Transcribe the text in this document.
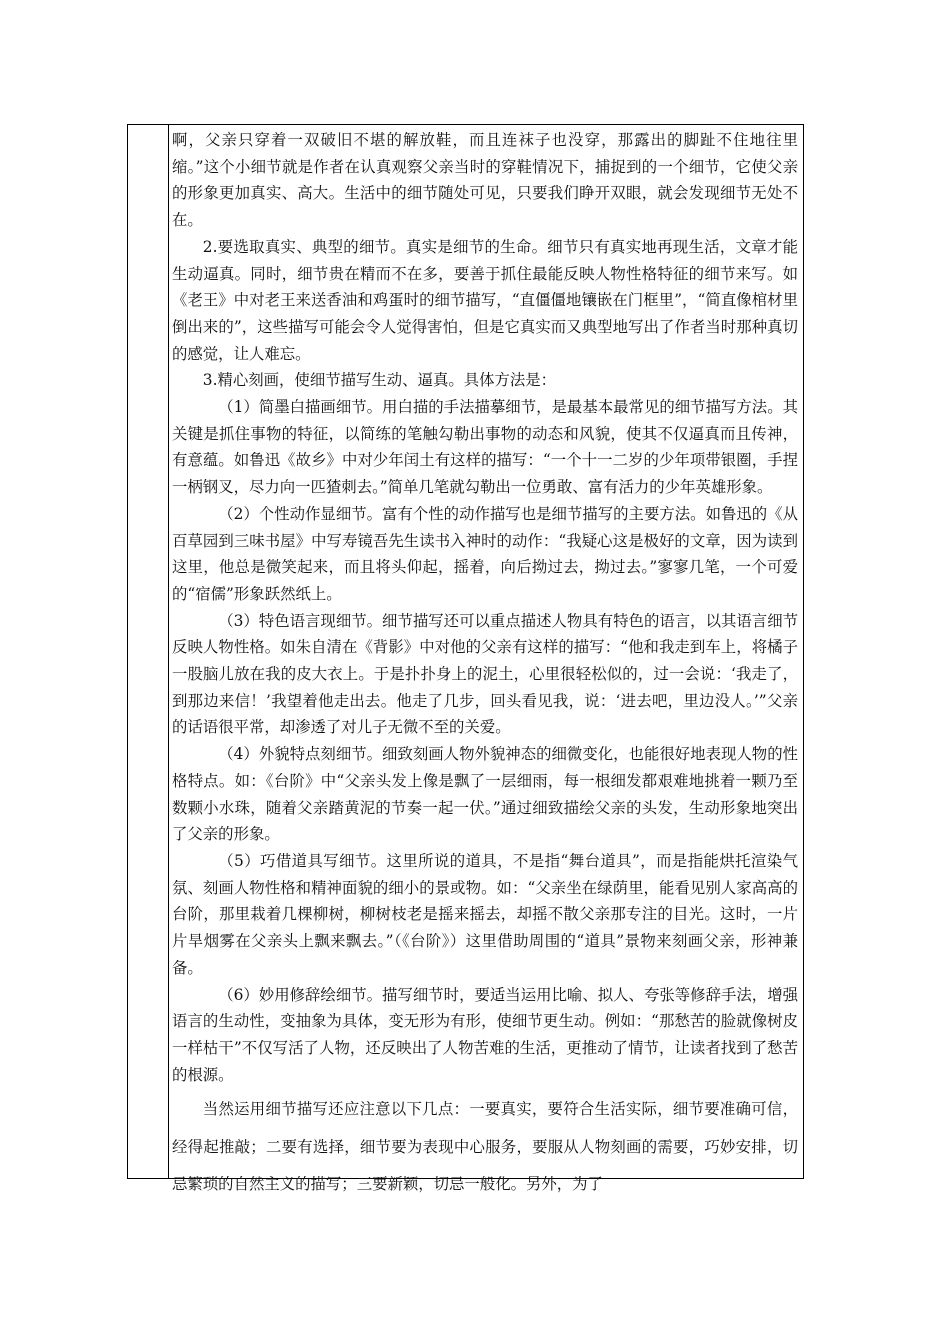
啊，父亲只穿着一双破旧不堪的解放鞋，而且连袜子也没穿，那露出的脚趾不住地往里缩。”这个小细节就是作者在认真观察父亲当时的穿鞋情况下，捕捉到的一个细节，它使父亲的形象更加真实、高大。生活中的细节随处可见，只要我们睁开双眼，就会发现细节无处不在。

2.要选取真实、典型的细节。真实是细节的生命。细节只有真实地再现生活，文章才能生动逼真。同时，细节贵在精而不在多，要善于抓住最能反映人物性格特征的细节来写。如《老王》中对老王来送香油和鸡蛋时的细节描写，“直僵僵地镶嵌在门框里”，“简直像棺材里倒出来的”，这些描写可能会令人觉得害怕，但是它真实而又典型地写出了作者当时那种真切的感觉，让人难忘。

3.精心刻画，使细节描写生动、逼真。具体方法是：

（1）简墨白描画细节。用白描的手法描摹细节，是最基本最常见的细节描写方法。其关键是抓住事物的特征，以简练的笔触勾勒出事物的动态和风貌，使其不仅逼真而且传神，有意蕴。如鲁迅《故乡》中对少年闰土有这样的描写：“一个十一二岁的少年项带银圈，手捏一柄钢叉，尽力向一匹猹刺去。”简单几笔就勾勒出一位勇敢、富有活力的少年英雄形象。

（2）个性动作显细节。富有个性的动作描写也是细节描写的主要方法。如鲁迅的《从百草园到三味书屋》中写寿镜吾先生读书入神时的动作：“我疑心这是极好的文章，因为读到这里，他总是微笑起来，而且将头仰起，摇着，向后拗过去，拗过去。”寥寥几笔，一个可爱的“宿儒”形象跃然纸上。

（3）特色语言现细节。细节描写还可以重点描述人物具有特色的语言，以其语言细节反映人物性格。如朱自清在《背影》中对他的父亲有这样的描写：“他和我走到车上，将橘子一股脑儿放在我的皮大衣上。于是扑扑身上的泥土，心里很轻松似的，过一会说：‘我走了，到那边来信！’我望着他走出去。他走了几步，回头看见我，说：‘进去吧，里边没人。’”父亲的话语很平常，却渗透了对儿子无微不至的关爱。

（4）外貌特点刻细节。细致刻画人物外貌神态的细微变化，也能很好地表现人物的性格特点。如：《台阶》中“父亲头发上像是飘了一层细雨，每一根细发都艰难地挑着一颗乃至数颗小水珠，随着父亲踏黄泥的节奏一起一伏。”通过细致描绘父亲的头发，生动形象地突出了父亲的形象。

（5）巧借道具写细节。这里所说的道具，不是指“舞台道具”，而是指能烘托渲染气氛、刻画人物性格和精神面貌的细小的景或物。如：“父亲坐在绿荫里，能看见别人家高高的台阶，那里栽着几棵柳树，柳树枝老是摇来摇去，却摇不散父亲那专注的目光。这时，一片片旱烟雾在父亲头上飘来飘去。”（《台阶》）这里借助周围的“道具”景物来刻画父亲，形神兼备。

（6）妙用修辞绘细节。描写细节时，要适当运用比喻、拟人、夸张等修辞手法，增强语言的生动性，变抽象为具体，变无形为有形，使细节更生动。例如：“那愁苦的脸就像树皮一样枯干”不仅写活了人物，还反映出了人物苦难的生活，更推动了情节，让读者找到了愁苦的根源。

当然运用细节描写还应注意以下几点：一要真实，要符合生活实际，细节要准确可信，经得起推敲；二要有选择，细节要为表现中心服务，要服从人物刻画的需要，巧妙安排，切忌繁琐的自然主义的描写；三要新颖，切忌一般化。另外，为了
